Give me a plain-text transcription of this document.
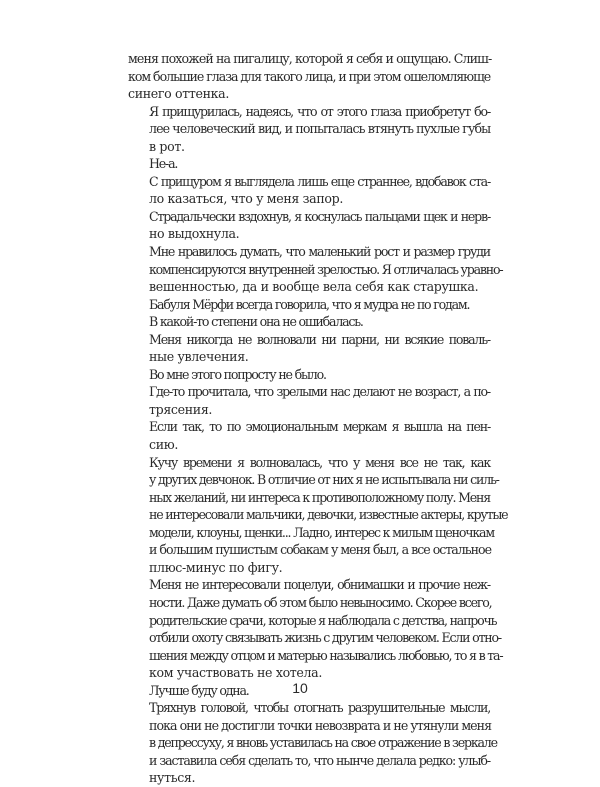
меня похожей на пигалицу, которой я себя и ощущаю. Слиш-
ком большие глаза для такого лица, и при этом ошеломляюще
синего оттенка.
Я прищурилась, надеясь, что от этого глаза приобретут бо-
лее человеческий вид, и попыталась втянуть пухлые губы
в рот.
Не-а.
С прищуром я выглядела лишь еще страннее, вдобавок ста-
ло казаться, что у меня запор.
Страдальчески вздохнув, я коснулась пальцами щек и нерв-
но выдохнула.
Мне нравилось думать, что маленький рост и размер груди
компенсируются внутренней зрелостью. Я отличалась уравно-
вешенностью, да и вообще вела себя как старушка.
Бабуля Мёрфи всегда говорила, что я мудра не по годам.
В какой-то степени она не ошибалась.
Меня никогда не волновали ни парни, ни всякие поваль-
ные увлечения.
Во мне этого попросту не было.
Где-то прочитала, что зрелыми нас делают не возраст, а по-
трясения.
Если так, то по эмоциональным меркам я вышла на пен-
сию.
Кучу времени я волновалась, что у меня все не так, как
у других девчонок. В отличие от них я не испытывала ни силь-
ных желаний, ни интереса к противоположному полу. Меня
не интересовали мальчики, девочки, известные актеры, крутые
модели, клоуны, щенки... Ладно, интерес к милым щеночкам
и большим пушистым собакам у меня был, а все остальное
плюс-минус по фигу.
Меня не интересовали поцелуи, обнимашки и прочие неж-
ности. Даже думать об этом было невыносимо. Скорее всего,
родительские срачи, которые я наблюдала с детства, напрочь
отбили охоту связывать жизнь с другим человеком. Если отно-
шения между отцом и матерью назывались любовью, то я в та-
ком участвовать не хотела.
Лучше буду одна.
Тряхнув головой, чтобы отогнать разрушительные мысли,
пока они не достигли точки невозврата и не утянули меня
в депрессуху, я вновь уставилась на свое отражение в зеркале
и заставила себя сделать то, что нынче делала редко: улыб-
нуться.
10
